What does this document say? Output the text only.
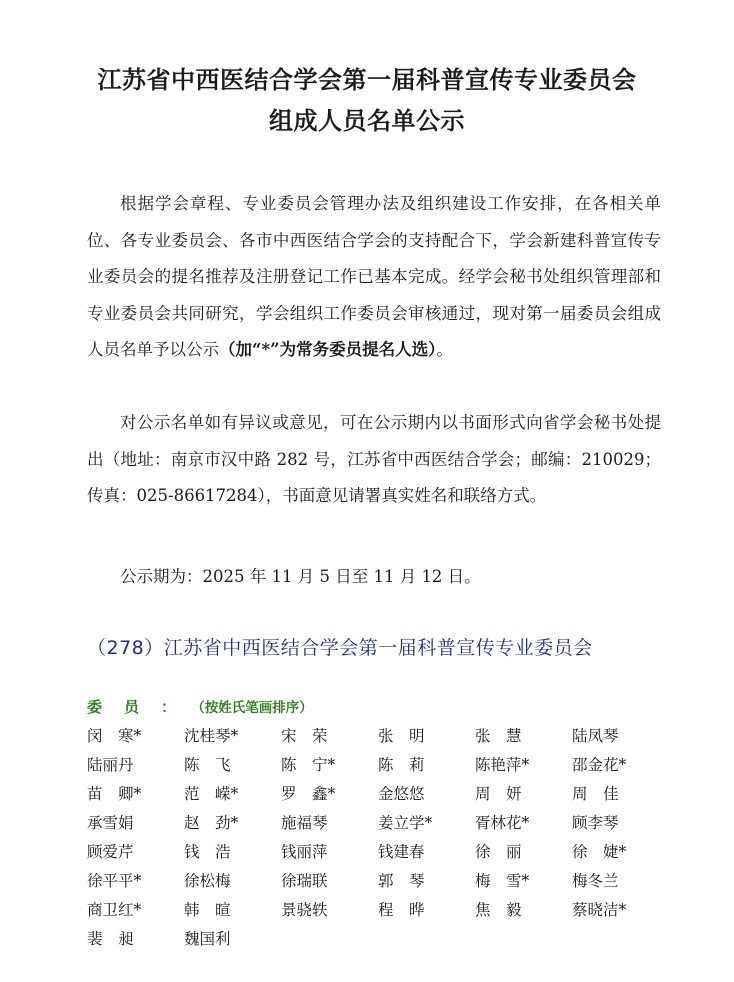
江苏省中西医结合学会第一届科普宣传专业委员会
组成人员名单公示

根据学会章程、专业委员会管理办法及组织建设工作安排，在各相关单位、各专业委员会、各市中西医结合学会的支持配合下，学会新建科普宣传专业委员会的提名推荐及注册登记工作已基本完成。经学会秘书处组织管理部和专业委员会共同研究，学会组织工作委员会审核通过，现对第一届委员会组成人员名单予以公示（加“*”为常务委员提名人选）。

对公示名单如有异议或意见，可在公示期内以书面形式向省学会秘书处提出（地址：南京市汉中路 282 号，江苏省中西医结合学会；邮编：210029；传真：025-86617284），书面意见请署真实姓名和联络方式。

公示期为：2025 年 11 月 5 日至 11 月 12 日。

（278）江苏省中西医结合学会第一届科普宣传专业委员会
委员：（按姓氏笔画排序）
闵　寒*	沈桂琴*	宋　荣	张　明	张　慧	陆凤琴
陆丽丹	陈　飞	陈　宁*	陈　莉	陈艳萍*	邵金花*
苗　卿*	范　嵘*	罗　鑫*	金悠悠	周　妍	周　佳
承雪娟	赵　劲*	施福琴	姜立学*	胥林花*	顾李琴
顾爱芹	钱　浩	钱丽萍	钱建春	徐　丽	徐　婕*
徐平平*	徐松梅	徐瑞联	郭　琴	梅　雪*	梅冬兰
商卫红*	韩　暄	景骁轶	程　晔	焦　毅	蔡晓洁*
裴　昶	魏国利
